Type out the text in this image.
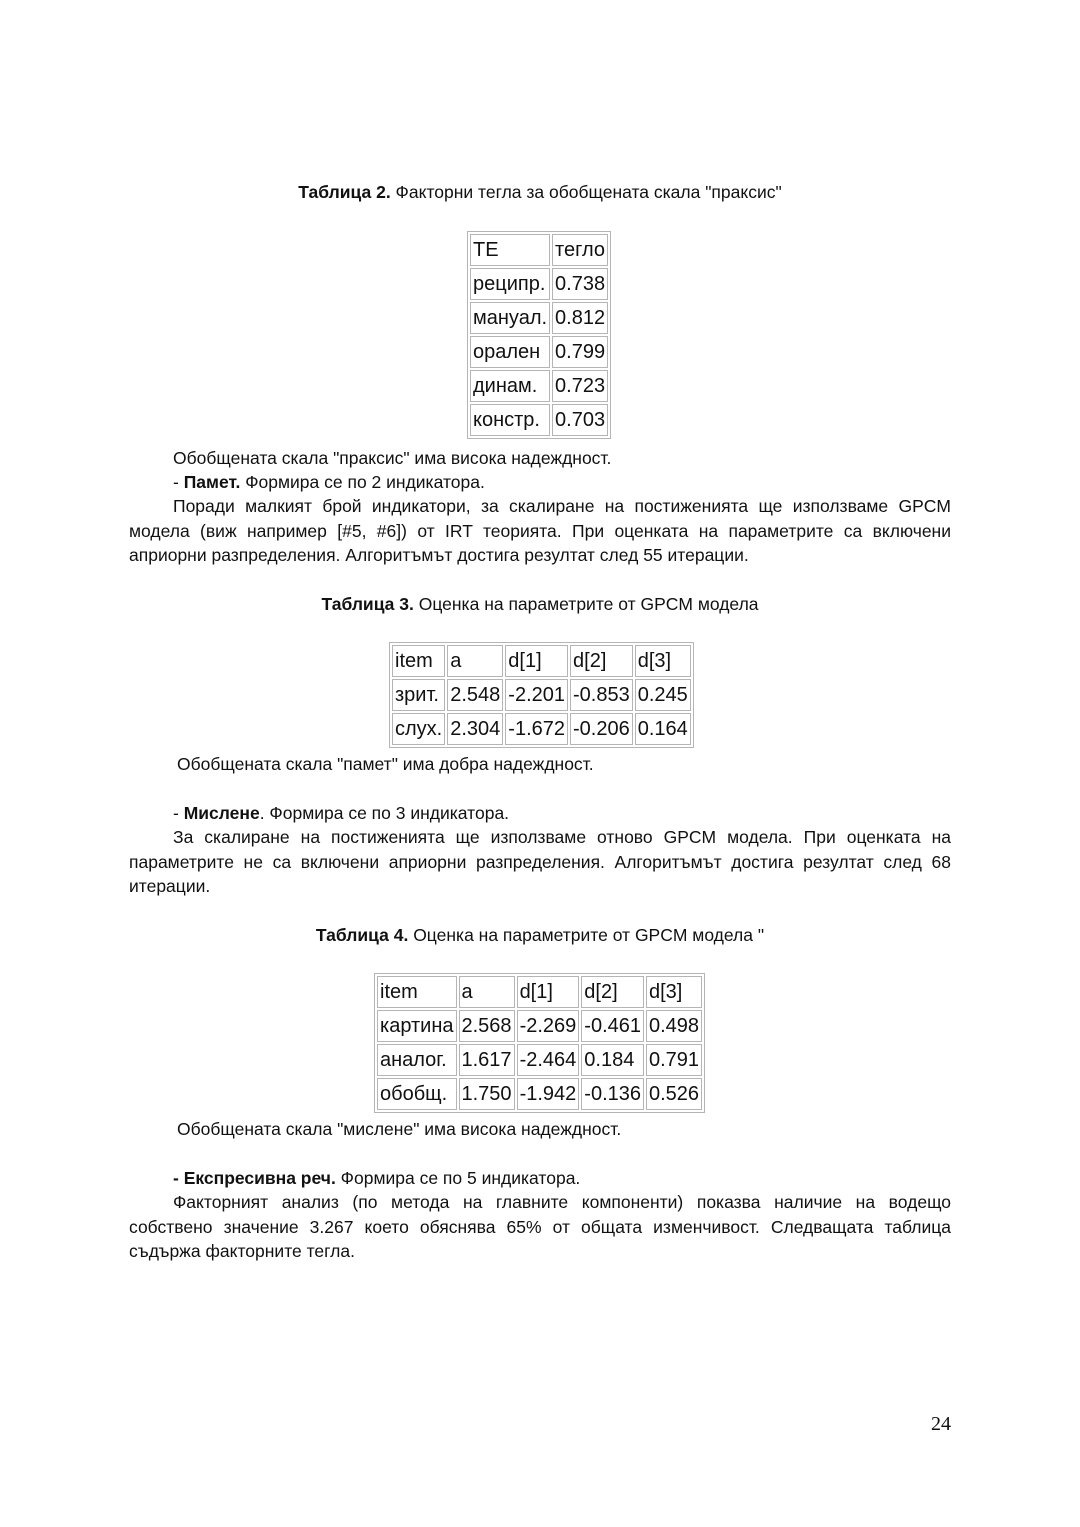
Таблица 2. Факторни тегла за обобщената скала "праксис"
ТЕ	тегло
реципр.	0.738
мануал.	0.812
орален	0.799
динам.	0.723
констр.	0.703
Обобщената скала "праксис" има висока надеждност.
- Памет. Формира се по 2 индикатора.
Поради малкият брой индикатори, за скалиране на постиженията ще използваме GPCM модела (виж например [#5, #6]) от IRT теорията. При оценката на параметрите са включени априорни разпределения. Алгоритъмът достига резултат след 55 итерации.
Таблица 3. Оценка на параметрите от GPCM модела
item	a	d[1]	d[2]	d[3]
зрит.	2.548	-2.201	-0.853	0.245
слух.	2.304	-1.672	-0.206	0.164
Обобщената скала "памет" има добра надеждност.
- Мислене. Формира се по 3 индикатора.
За скалиране на постиженията ще използваме отново GPCM модела. При оценката на параметрите не са включени априорни разпределения. Алгоритъмът достига резултат след 68 итерации.
Таблица 4. Оценка на параметрите от GPCM модела "
item	a	d[1]	d[2]	d[3]
картина	2.568	-2.269	-0.461	0.498
аналог.	1.617	-2.464	0.184	0.791
обобщ.	1.750	-1.942	-0.136	0.526
Обобщената скала "мислене" има висока надеждност.
- Експресивна реч. Формира се по 5 индикатора.
Факторният анализ (по метода на главните компоненти) показва наличие на водещо собствено значение 3.267 което обяснява 65% от общата изменчивост. Следващата таблица съдържа факторните тегла.
24
